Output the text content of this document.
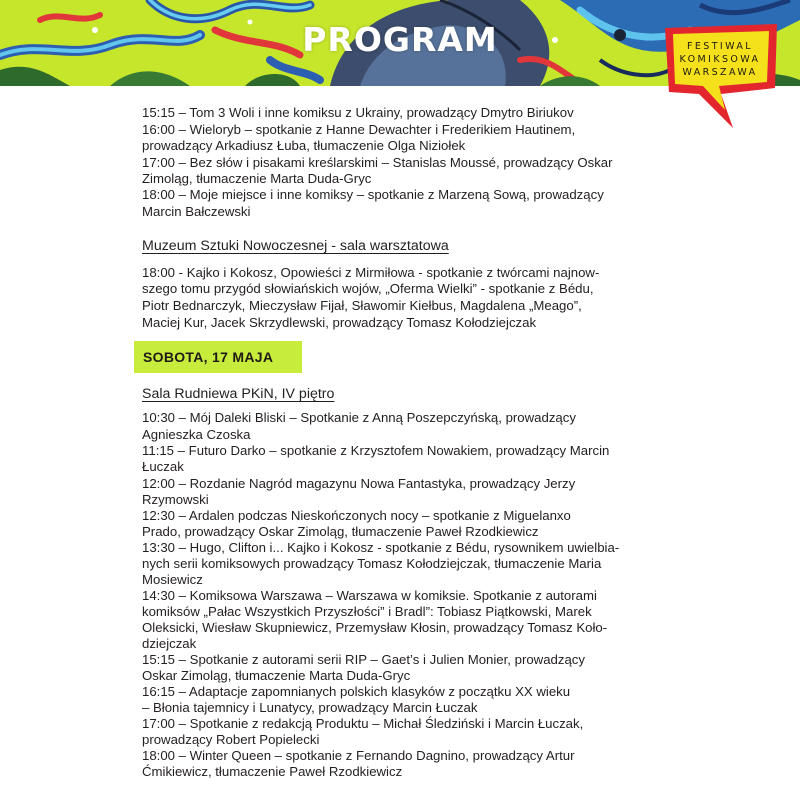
PROGRAM	FESTIWAL
KOMIKSOWA
WARSZAWA
15:15 – Tom 3 Woli i inne komiksu z Ukrainy, prowadzący Dmytro Biriukov
16:00 – Wieloryb – spotkanie z Hanne Dewachter i Frederikiem Hautinem,
prowadzący Arkadiusz Łuba, tłumaczenie Olga Niziołek
17:00 – Bez słów i pisakami kreślarskimi – Stanislas Moussé, prowadzący Oskar
Zimoląg, tłumaczenie Marta Duda-Gryc
18:00 – Moje miejsce i inne komiksy – spotkanie z Marzeną Sową, prowadzący
Marcin Bałczewski
Muzeum Sztuki Nowoczesnej - sala warsztatowa
18:00 - Kajko i Kokosz, Opowieści z Mirmiłowa - spotkanie z twórcami najnow-
szego tomu przygód słowiańskich wojów, „Oferma Wielki” - spotkanie z Bédu,
Piotr Bednarczyk, Mieczysław Fijał, Sławomir Kiełbus, Magdalena „Meago”,
Maciej Kur, Jacek Skrzydlewski, prowadzący Tomasz Kołodziejczak
Sala Rudniewa PKiN, IV piętro
10:30 – Mój Daleki Bliski – Spotkanie z Anną Poszepczyńską, prowadzący
Agnieszka Czoska
11:15 – Futuro Darko – spotkanie z Krzysztofem Nowakiem, prowadzący Marcin
Łuczak
12:00 – Rozdanie Nagród magazynu Nowa Fantastyka, prowadzący Jerzy
Rzymowski
12:30 – Ardalen podczas Nieskończonych nocy – spotkanie z Miguelanxo
Prado, prowadzący Oskar Zimoląg, tłumaczenie Paweł Rzodkiewicz
13:30 – Hugo, Clifton i... Kajko i Kokosz - spotkanie z Bédu, rysownikem uwielbia-
nych serii komiksowych prowadzący Tomasz Kołodziejczak, tłumaczenie Maria
Mosiewicz
14:30 – Komiksowa Warszawa – Warszawa w komiksie. Spotkanie z autorami
komiksów „Pałac Wszystkich Przyszłości” i Bradl”: Tobiasz Piątkowski, Marek
Oleksicki, Wiesław Skupniewicz, Przemysław Kłosin, prowadzący Tomasz Koło-
dziejczak
15:15 – Spotkanie z autorami serii RIP – Gaet’s i Julien Monier, prowadzący
Oskar Zimoląg, tłumaczenie Marta Duda-Gryc
16:15 – Adaptacje zapomnianych polskich klasyków z początku XX wieku
– Błonia tajemnicy i Lunatycy, prowadzący Marcin Łuczak
17:00 – Spotkanie z redakcją Produktu – Michał Śledziński i Marcin Łuczak,
prowadzący Robert Popielecki
18:00 – Winter Queen – spotkanie z Fernando Dagnino, prowadzący Artur
Ćmikiewicz, tłumaczenie Paweł Rzodkiewicz
SOBOTA, 17 MAJA
